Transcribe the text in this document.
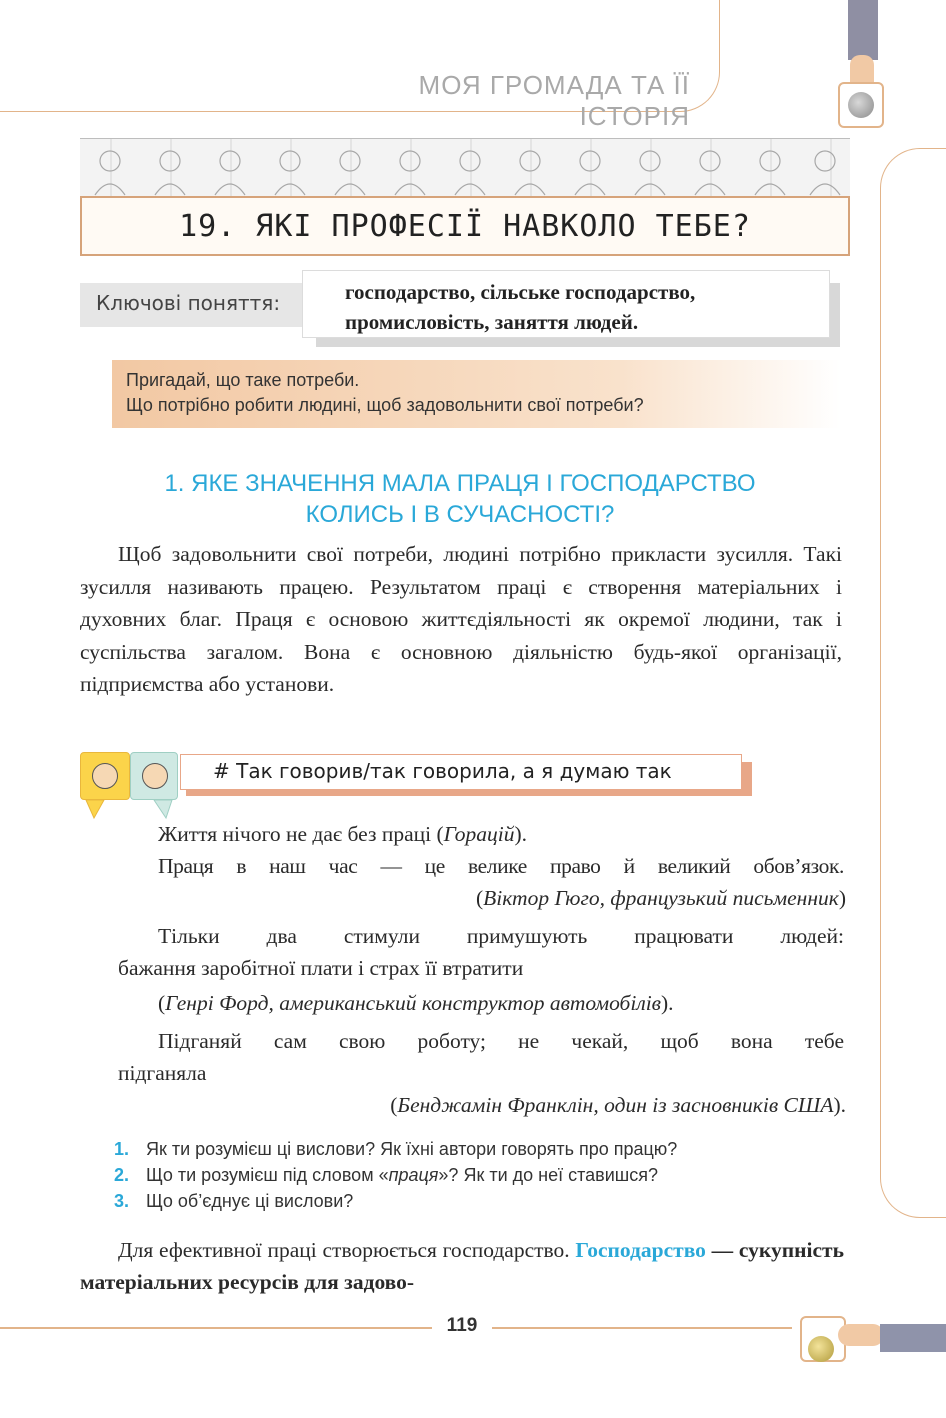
МОЯ ГРОМАДА ТА ЇЇ ІСТОРІЯ
19. ЯКІ ПРОФЕСІЇ НАВКОЛО ТЕБЕ?
Ключові поняття:	господарство, сільське господарство,
промисловість, заняття людей.
Пригадай, що таке потреби.
Що потрібно робити людині, щоб задовольнити свої потреби?
1. ЯКЕ ЗНАЧЕННЯ МАЛА ПРАЦЯ І ГОСПОДАРСТВО
КОЛИСЬ І В СУЧАСНОСТІ?

Щоб задовольнити свої потреби, людині потрібно прикласти зусилля. Такі зусилля називають працею. Результатом праці є створення матеріальних і духовних благ. Праця є основою життєдіяльності як окремої людини, так і суспільства загалом. Вона є основною діяльністю будь-якої організації, підприємства або установи.

# Так говорив/так говорила, а я думаю так
Життя нічого не дає без праці (Горацій).
Праця в наш час — це велике право й великий обов’язок.
(Віктор Гюго, французький письменник)
Тільки два стимули примушують працювати людей:
бажання заробітної плати і страх її втратити
(Генрі Форд, американський конструктор автомобілів).
Підганяй сам свою роботу; не чекай, щоб вона тебе
підганяла
(Бенджамін Франклін, один із засновників США).
1. Як ти розумієш ці вислови? Як їхні автори говорять про працю?
2. Що ти розумієш під словом «праця»? Як ти до неї ставишся?
3. Що об’єднує ці вислови?
Для ефективної праці створюється господарство. Господарство — сукупність матеріальних ресурсів для задово-
119
